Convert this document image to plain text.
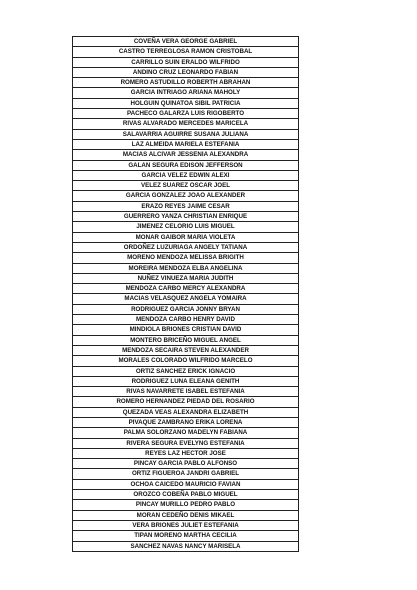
COVEÑA VERA GEORGE GABRIEL
CASTRO TERREGLOSA RAMON CRISTOBAL
CARRILLO SUIN ERALDO WILFRIDO
ANDINO CRUZ LEONARDO FABIAN
ROMERO ASTUDILLO ROBERTH ABRAHAN
GARCIA INTRIAGO ARIANA MAHOLY
HOLGUIN QUINATOA SIBIL PATRICIA
PACHECO GALARZA LUIS RIGOBERTO
RIVAS ALVARADO MERCEDES MARICELA
SALAVARRIA AGUIRRE SUSANA JULIANA
LAZ ALMEIDA MARIELA ESTEFANIA
MACIAS ALCIVAR JESSENIA ALEXANDRA
GALAN SEGURA EDISON JEFFERSON
GARCIA VELEZ EDWIN ALEXI
VELEZ SUAREZ OSCAR JOEL
GARCIA GONZALEZ JOAO ALEXANDER
ERAZO REYES JAIME CESAR
GUERRERO YANZA CHRISTIAN ENRIQUE
JIMENEZ CELORIO LUIS MIGUEL
MONAR GAIBOR MARIA VIOLETA
ORDOÑEZ LUZURIAGA ANGELY TATIANA
MORENO MENDOZA MELISSA BRIGITH
MOREIRA MENDOZA ELBA ANGELINA
NUÑEZ VINUEZA MARIA JUDITH
MENDOZA CARBO MERCY ALEXANDRA
MACIAS VELASQUEZ ANGELA YOMAIRA
RODRIGUEZ GARCIA JONNY BRYAN
MENDOZA CARBO HENRY DAVID
MINDIOLA BRIONES CRISTIAN DAVID
MONTERO BRICEÑO MIGUEL ANGEL
MENDOZA SECAIRA STEVEN ALEXANDER
MORALES COLORADO WILFRIDO MARCELO
ORTIZ SANCHEZ ERICK IGNACIO
RODRIGUEZ LUNA ELEANA GENITH
RIVAS NAVARRETE ISABEL ESTEFANIA
ROMERO HERNANDEZ PIEDAD DEL ROSARIO
QUEZADA VEAS ALEXANDRA ELIZABETH
PIVAQUE ZAMBRANO ERIKA LORENA
PALMA SOLORZANO MADELYN FABIANA
RIVERA SEGURA EVELYNG ESTEFANIA
REYES LAZ HECTOR JOSE
PINCAY GARCIA PABLO ALFONSO
ORTIZ FIGUEROA JANDRI GABRIEL
OCHOA CAICEDO MAURICIO FAVIAN
OROZCO COBEÑA PABLO MIGUEL
PINCAY MURILLO PEDRO PABLO
MORAN CEDEÑO DENIS MIKAEL
VERA BRIONES JULIET ESTEFANIA
TIPAN MORENO MARTHA CECILIA
SANCHEZ NAVAS NANCY MARISELA
